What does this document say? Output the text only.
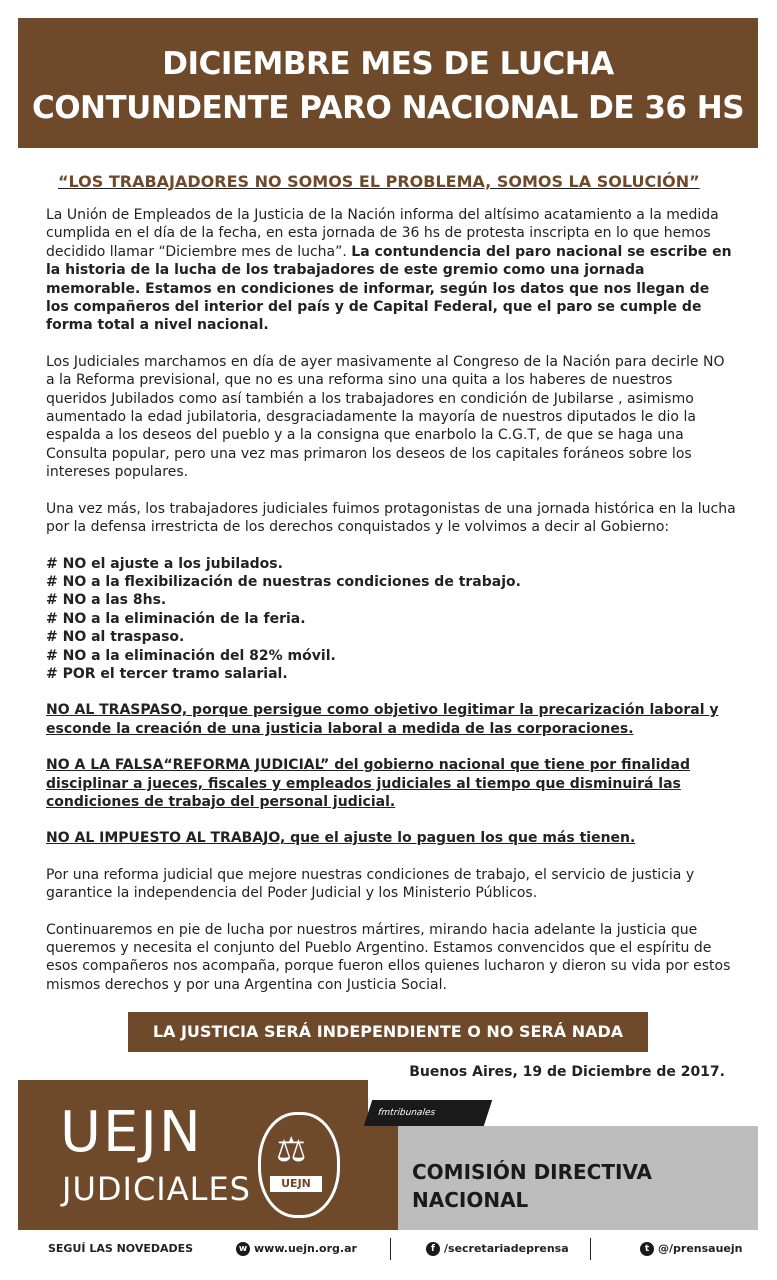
DICIEMBRE MES DE LUCHA
CONTUNDENTE PARO NACIONAL DE 36 HS
“LOS TRABAJADORES NO SOMOS EL PROBLEMA, SOMOS LA SOLUCIÓN”

La Unión de Empleados de la Justicia de la Nación informa del altísimo acatamiento a la medida cumplida en el día de la fecha, en esta jornada de 36 hs de protesta inscripta en lo que hemos decidido llamar “Diciembre mes de lucha”. La contundencia del paro nacional se escribe en la historia de la lucha de los trabajadores de este gremio como una jornada memorable. Estamos en condiciones de informar, según los datos que nos llegan de los compañeros del interior del país y de Capital Federal, que el paro se cumple de forma total a nivel nacional.

Los Judiciales marchamos en día de ayer masivamente al Congreso de la Nación para decirle NO a la Reforma previsional, que no es una reforma sino una quita a los haberes de nuestros queridos Jubilados como así también a los trabajadores en condición de Jubilarse , asimismo aumentado la edad jubilatoria, desgraciadamente la mayoría de nuestros diputados le dio la espalda a los deseos del pueblo y a la consigna que enarbolo la C.G.T, de que se haga una Consulta popular, pero una vez mas primaron los deseos de los capitales foráneos sobre los intereses populares.

Una vez más, los trabajadores judiciales fuimos protagonistas de una jornada histórica en la lucha por la defensa irrestricta de los derechos conquistados y le volvimos a decir al Gobierno:

# NO el ajuste a los jubilados.

# NO a la flexibilización de nuestras condiciones de trabajo.

# NO a las 8hs.

# NO a la eliminación de la feria.

# NO al traspaso.

# NO a la eliminación del 82% móvil.

# POR el tercer tramo salarial.

NO AL TRASPASO, porque persigue como objetivo legitimar la precarización laboral y esconde la creación de una justicia laboral a medida de las corporaciones.

NO A LA FALSA“REFORMA JUDICIAL” del gobierno nacional que tiene por finalidad disciplinar a jueces, fiscales y empleados judiciales al tiempo que disminuirá las condiciones de trabajo del personal judicial.

NO AL IMPUESTO AL TRABAJO, que el ajuste lo paguen los que más tienen.

Por una reforma judicial que mejore nuestras condiciones de trabajo, el servicio de justicia y garantice la independencia del Poder Judicial y los Ministerio Públicos.

Continuaremos en pie de lucha por nuestros mártires, mirando hacia adelante la justicia que queremos y necesita el conjunto del Pueblo Argentino. Estamos convencidos que el espíritu de esos compañeros nos acompaña, porque fueron ellos quienes lucharon y dieron su vida por estos mismos derechos y por una Argentina con Justicia Social.

LA JUSTICIA SERÁ INDEPENDIENTE O NO SERÁ NADA
Buenos Aires, 19 de Diciembre de 2017.
UEJN
JUDICIALES
⚖
UEJN
fmtribunales
COMISIÓN DIRECTIVA
NACIONAL
SEGUÍ LAS NOVEDADES	w www.uejn.org.ar	f /secretariadeprensa	t @/prensauejn
